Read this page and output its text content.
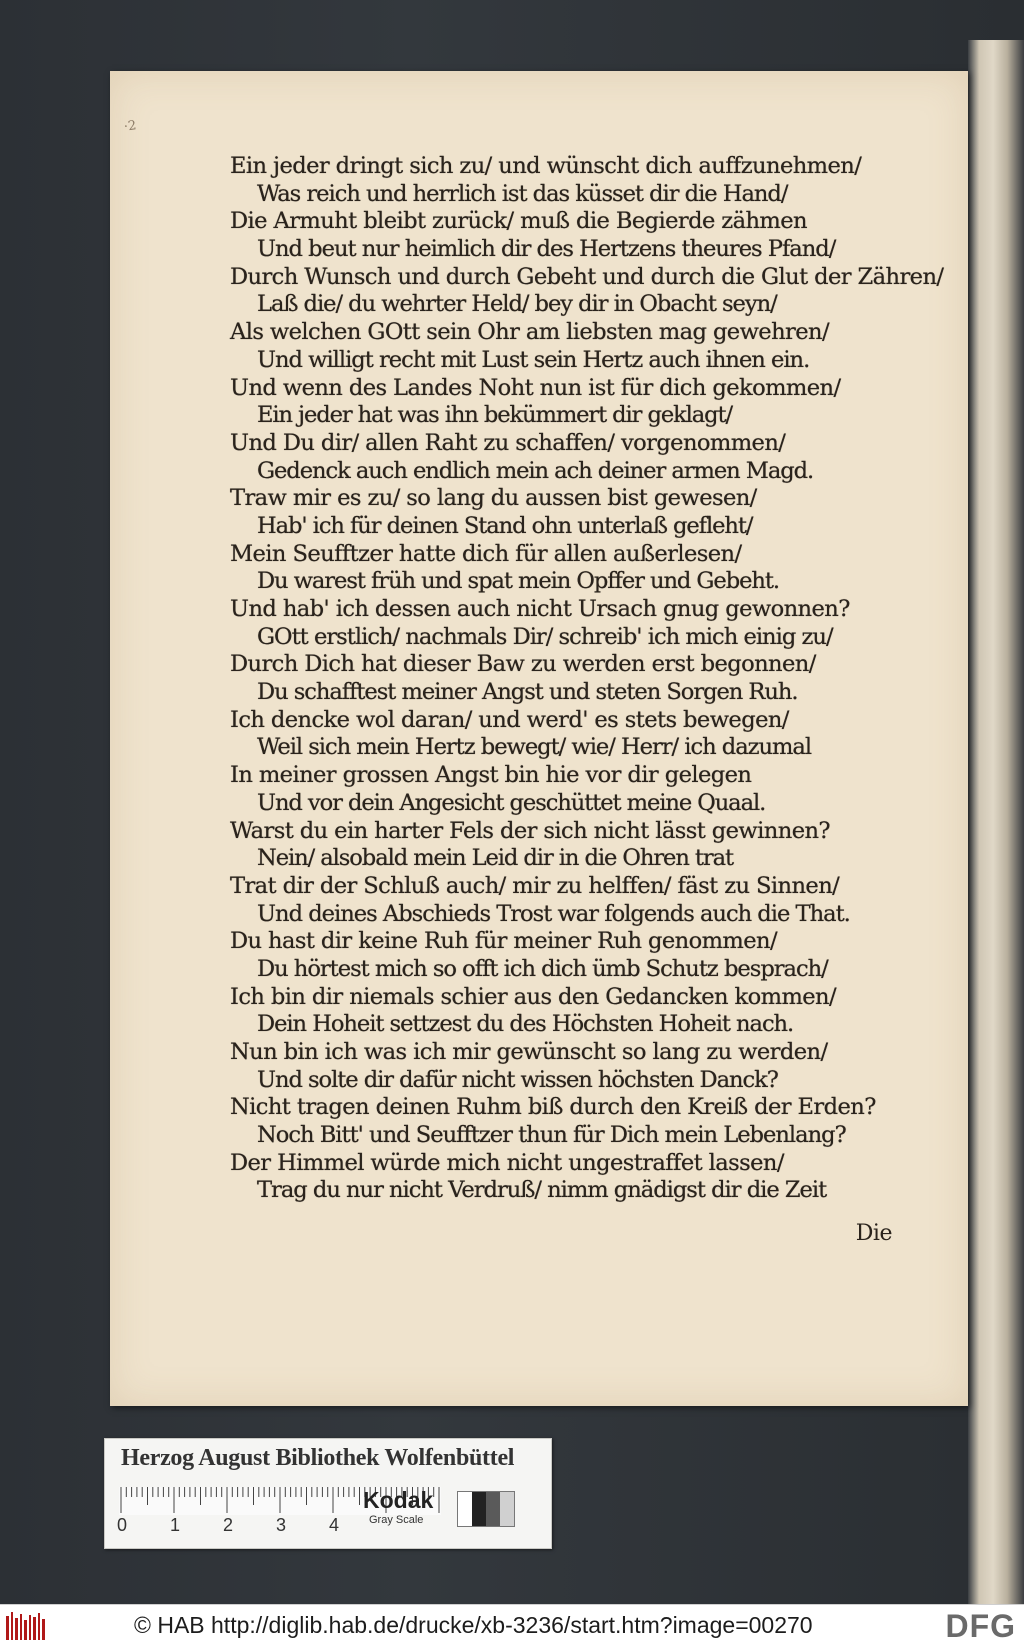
·2
Ein jeder dringt sich zu/ und wünscht dich auffzunehmen/
Was reich und herrlich ist das küsset dir die Hand/
Die Armuht bleibt zurück/ muß die Begierde zähmen
Und beut nur heimlich dir des Hertzens theures Pfand/
Durch Wunsch und durch Gebeht und durch die Glut der Zähren/
Laß die/ du wehrter Held/ bey dir in Obacht seyn/
Als welchen GOtt sein Ohr am liebsten mag gewehren/
Und willigt recht mit Lust sein Hertz auch ihnen ein.
Und wenn des Landes Noht nun ist für dich gekommen/
Ein jeder hat was ihn bekümmert dir geklagt/
Und Du dir/ allen Raht zu schaffen/ vorgenommen/
Gedenck auch endlich mein ach deiner armen Magd.
Traw mir es zu/ so lang du aussen bist gewesen/
Hab' ich für deinen Stand ohn unterlaß gefleht/
Mein Seufftzer hatte dich für allen außerlesen/
Du warest früh und spat mein Opffer und Gebeht.
Und hab' ich dessen auch nicht Ursach gnug gewonnen?
GOtt erstlich/ nachmals Dir/ schreib' ich mich einig zu/
Durch Dich hat dieser Baw zu werden erst begonnen/
Du schafftest meiner Angst und steten Sorgen Ruh.
Ich dencke wol daran/ und werd' es stets bewegen/
Weil sich mein Hertz bewegt/ wie/ Herr/ ich dazumal
In meiner grossen Angst bin hie vor dir gelegen
Und vor dein Angesicht geschüttet meine Quaal.
Warst du ein harter Fels der sich nicht lässt gewinnen?
Nein/ alsobald mein Leid dir in die Ohren trat
Trat dir der Schluß auch/ mir zu helffen/ fäst zu Sinnen/
Und deines Abschieds Trost war folgends auch die That.
Du hast dir keine Ruh für meiner Ruh genommen/
Du hörtest mich so offt ich dich ümb Schutz besprach/
Ich bin dir niemals schier aus den Gedancken kommen/
Dein Hoheit settzest du des Höchsten Hoheit nach.
Nun bin ich was ich mir gewünscht so lang zu werden/
Und solte dir dafür nicht wissen höchsten Danck?
Nicht tragen deinen Ruhm biß durch den Kreiß der Erden?
Noch Bitt' und Seufftzer thun für Dich mein Lebenlang?
Der Himmel würde mich nicht ungestraffet lassen/
Trag du nur nicht Verdruß/ nimm gnädigst dir die Zeit
Die
Herzog August Bibliothek Wolfenbüttel
0 1 2 3 4
Kodak
Gray Scale
© HAB http://diglib.hab.de/drucke/xb-3236/start.htm?image=00270	DFG
